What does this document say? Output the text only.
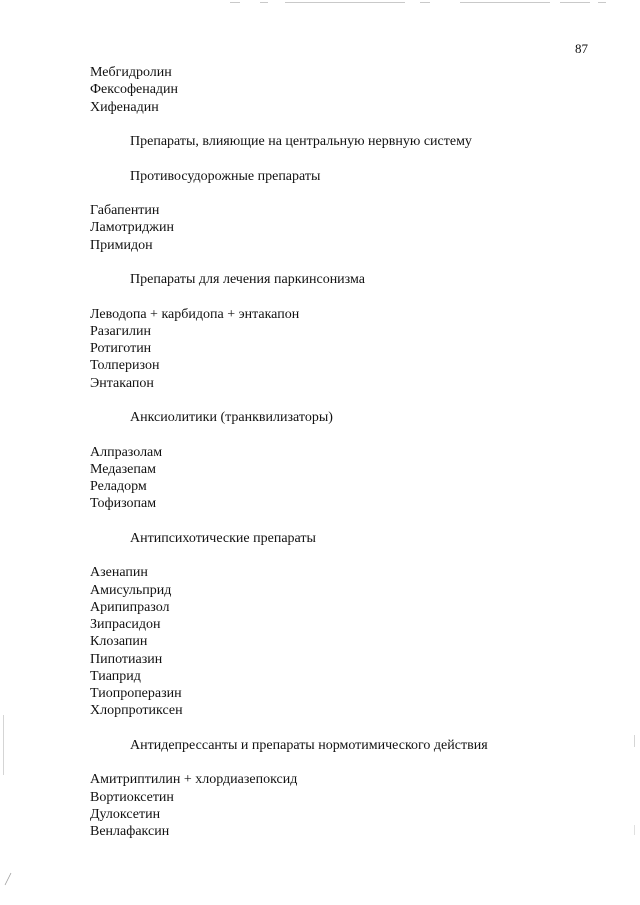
87
Мебгидролин
Фексофенадин
Хифенадин
Препараты, влияющие на центральную нервную систему
Противосудорожные препараты
Габапентин
Ламотриджин
Примидон
Препараты для лечения паркинсонизма
Леводопа + карбидопа + энтакапон
Разагилин
Ротиготин
Толперизон
Энтакапон
Анксиолитики (транквилизаторы)
Алпразолам
Медазепам
Реладорм
Тофизопам
Антипсихотические препараты
Азенапин
Амисульприд
Арипипразол
Зипрасидон
Клозапин
Пипотиазин
Тиаприд
Тиопроперазин
Хлорпротиксен
Антидепрессанты и препараты нормотимического действия
Амитриптилин + хлордиазепоксид
Вортиоксетин
Дулоксетин
Венлафаксин
